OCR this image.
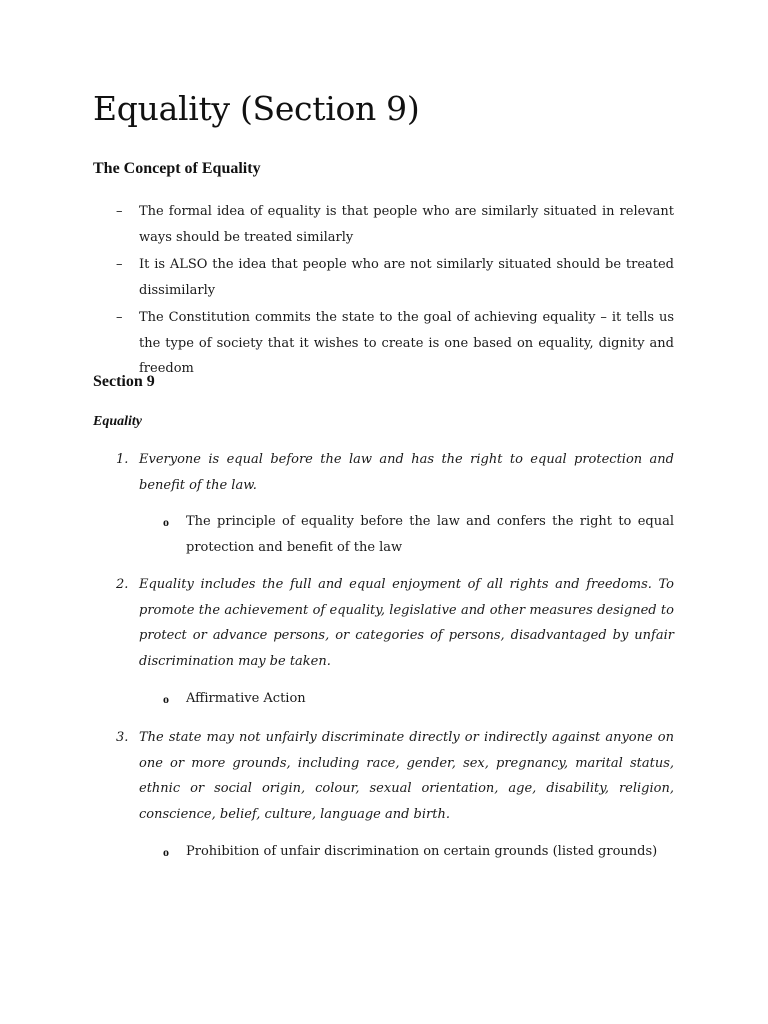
Equality (Section 9)
The Concept of Equality
– The formal idea of equality is that people who are similarly situated in relevant ways should be treated similarly
– It is ALSO the idea that people who are not similarly situated should be treated dissimilarly
– The Constitution commits the state to the goal of achieving equality – it tells us the type of society that it wishes to create is one based on equality, dignity and freedom
Section 9
Equality
1. Everyone is equal before the law and has the right to equal protection and benefit of the law.
o The principle of equality before the law and confers the right to equal protection and benefit of the law
2. Equality includes the full and equal enjoyment of all rights and freedoms. To promote the achievement of equality, legislative and other measures designed to protect or advance persons, or categories of persons, disadvantaged by unfair discrimination may be taken.
o Affirmative Action
3. The state may not unfairly discriminate directly or indirectly against anyone on one or more grounds, including race, gender, sex, pregnancy, marital status, ethnic or social origin, colour, sexual orientation, age, disability, religion, conscience, belief, culture, language and birth.
o Prohibition of unfair discrimination on certain grounds (listed grounds)
